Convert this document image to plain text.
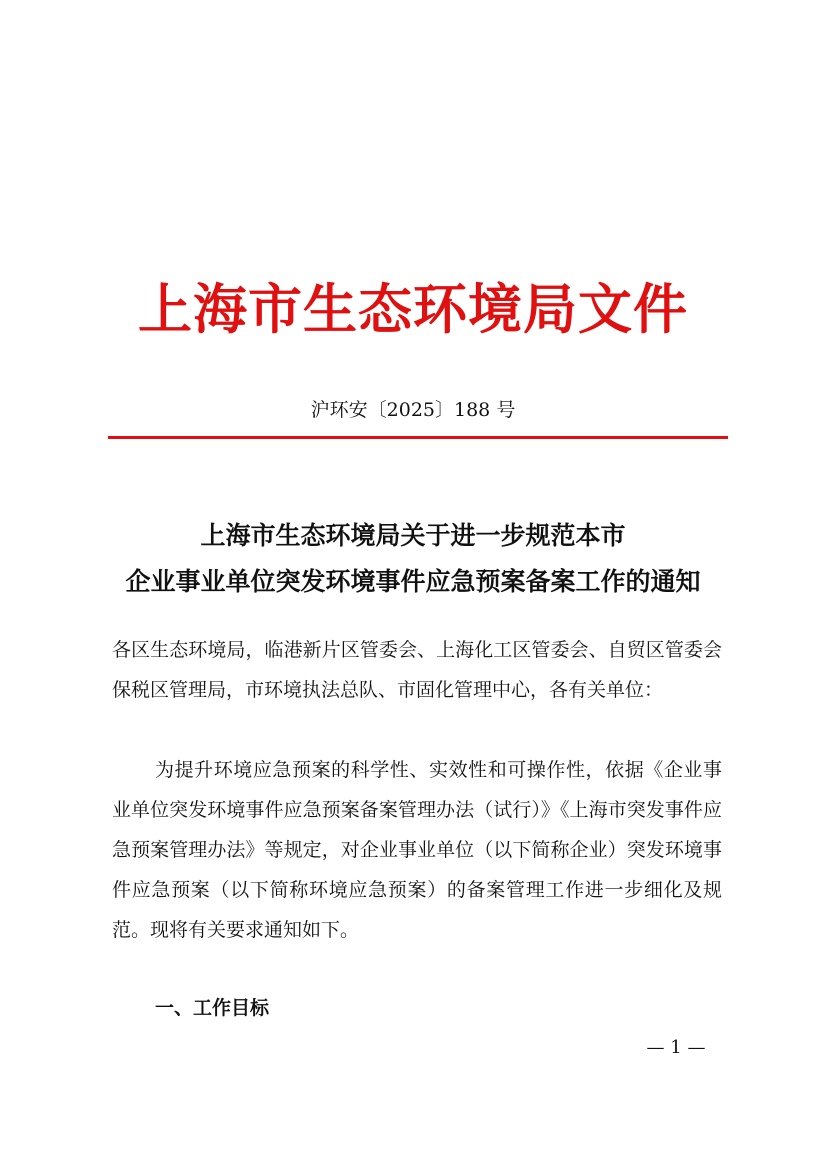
上海市生态环境局文件
沪环安〔2025〕188 号
上海市生态环境局关于进一步规范本市
企业事业单位突发环境事件应急预案备案工作的通知
各区生态环境局，临港新片区管委会、上海化工区管委会、自贸区管委会保税区管理局，市环境执法总队、市固化管理中心，各有关单位：
为提升环境应急预案的科学性、实效性和可操作性，依据《企业事业单位突发环境事件应急预案备案管理办法（试行）》《上海市突发事件应急预案管理办法》等规定，对企业事业单位（以下简称企业）突发环境事件应急预案（以下简称环境应急预案）的备案管理工作进一步细化及规范。现将有关要求通知如下。
一、工作目标
— 1 —
